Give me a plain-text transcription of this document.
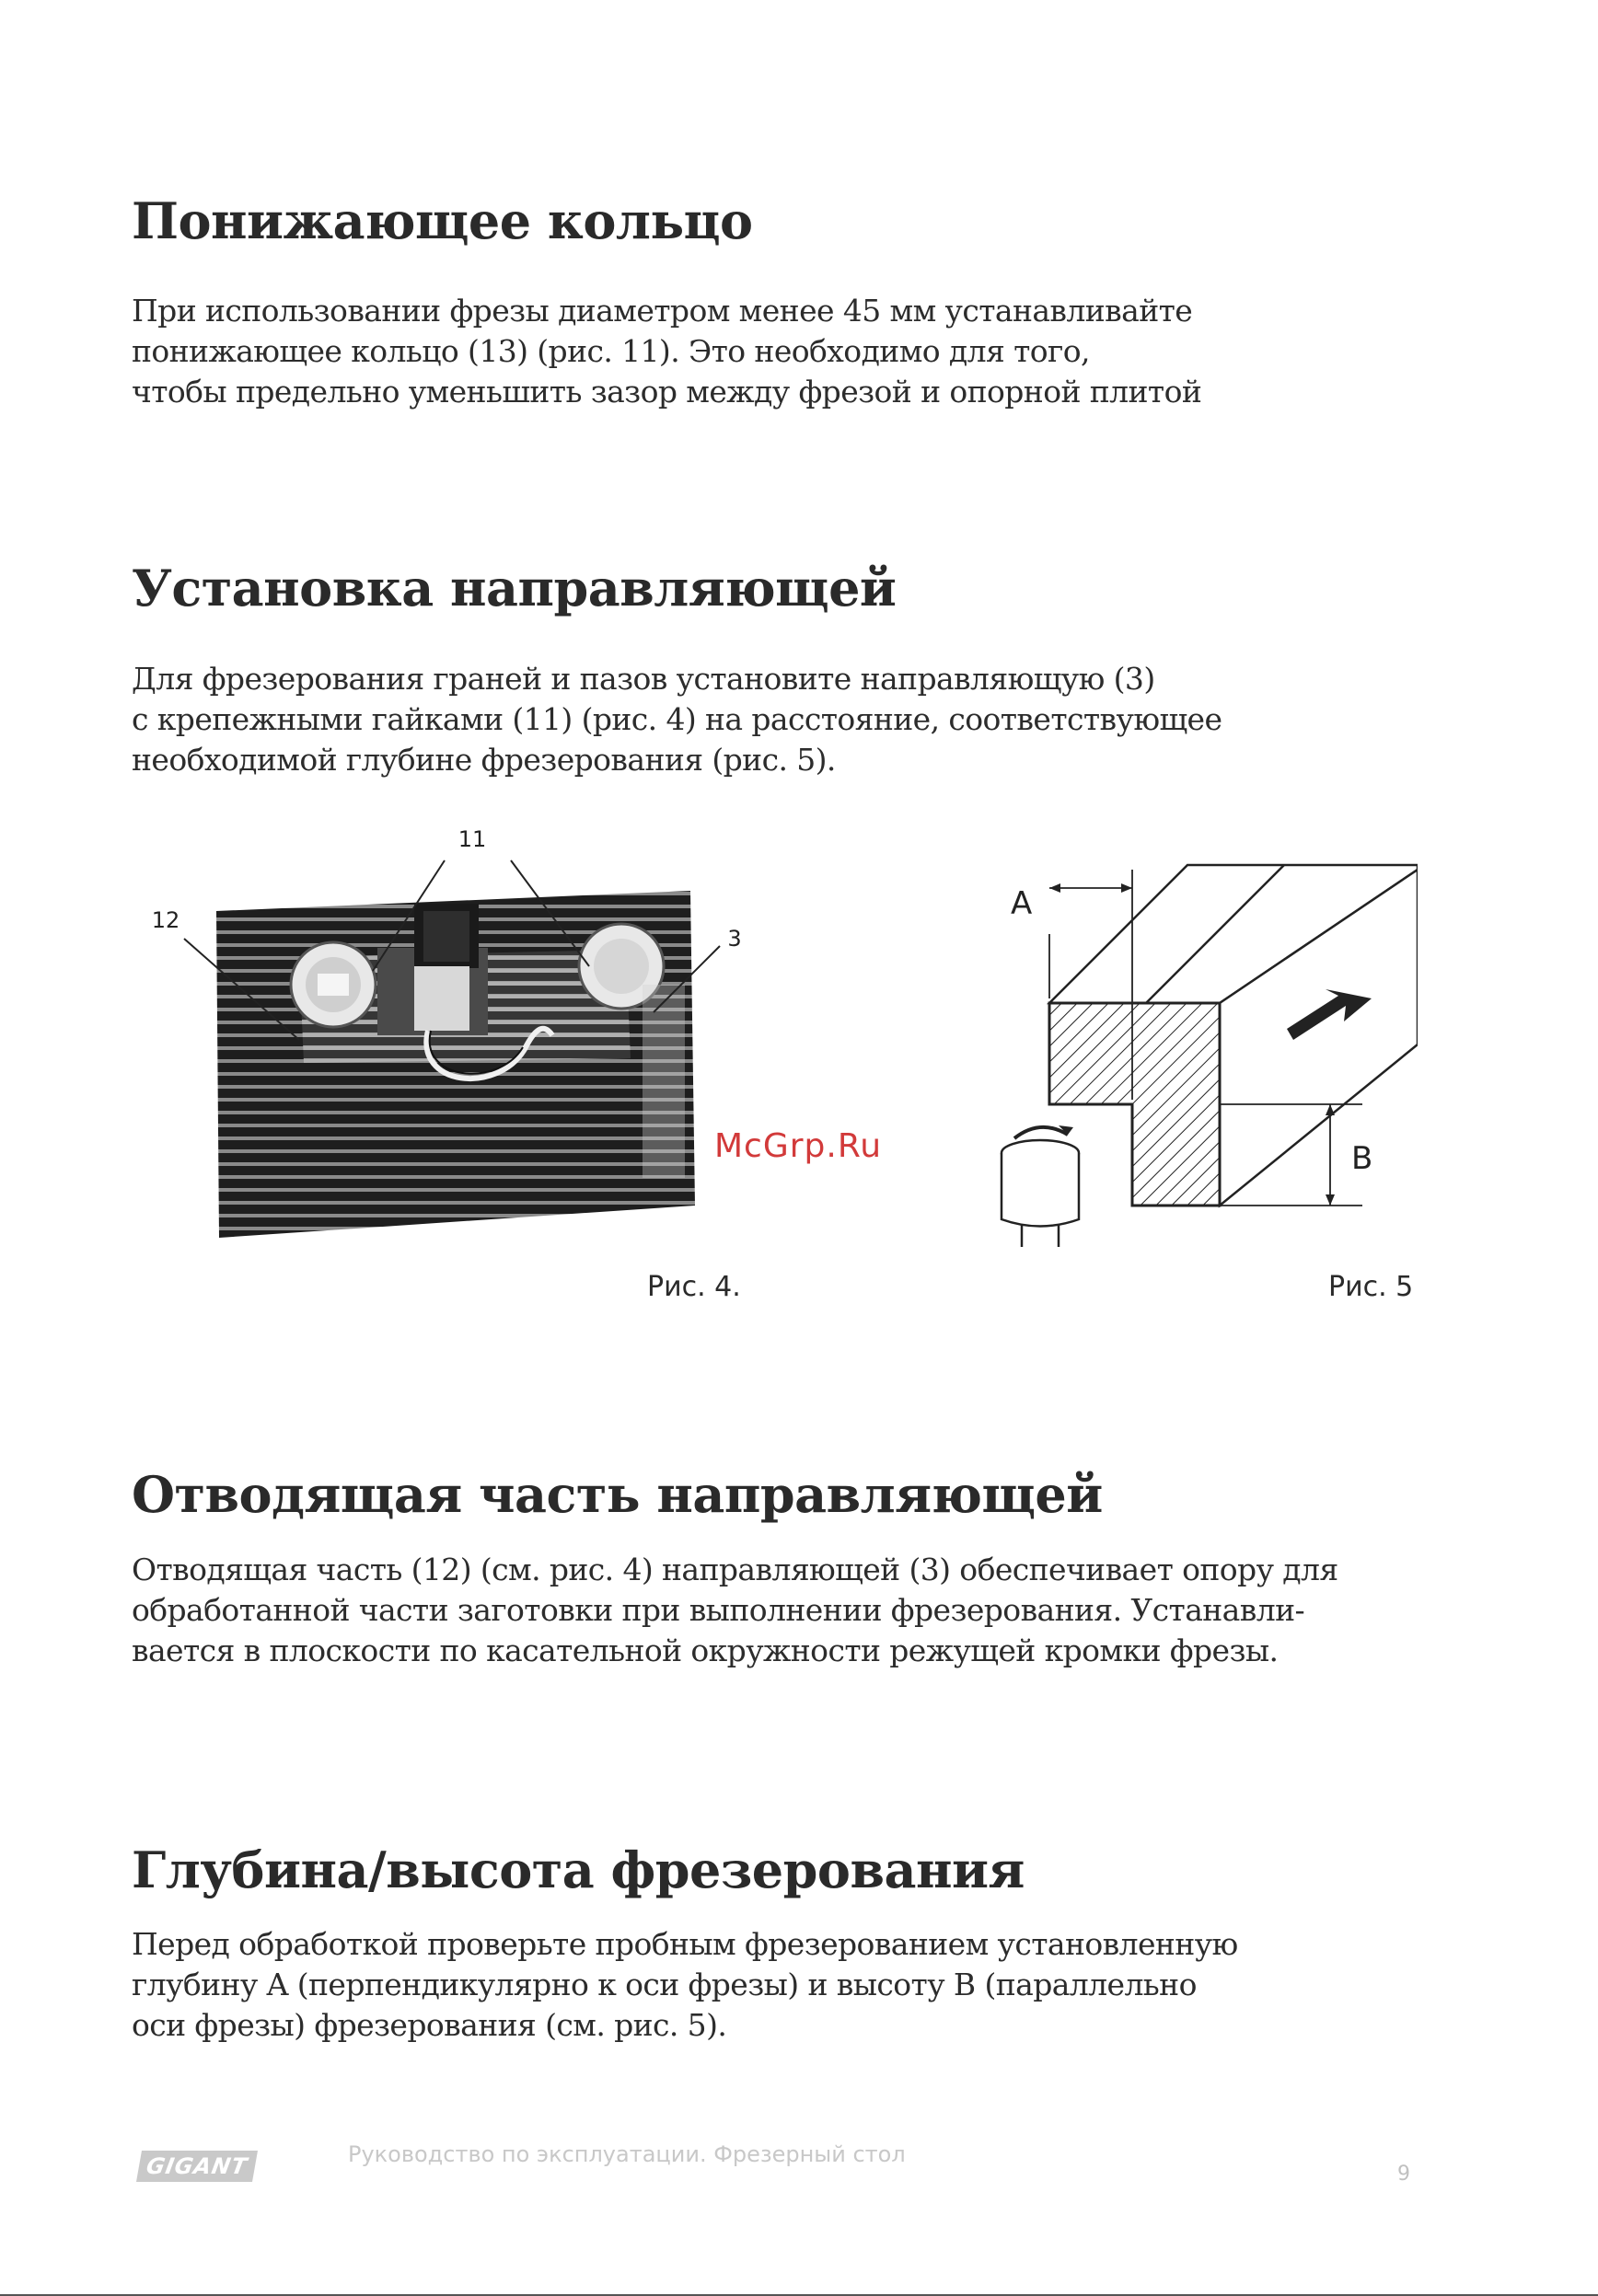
Понижающее кольцо
При использовании фрезы диаметром менее 45 мм устанавливайте
понижающее кольцо (13) (рис. 11). Это необходимо для того,
чтобы предельно уменьшить зазор между фрезой и опорной плитой
Установка направляющей
Для фрезерования граней и пазов установите направляющую (3)
с крепежными гайками (11) (рис. 4) на расстояние, соответствующее
необходимой глубине фрезерования (рис. 5).
11
12
3
A
B
McGrp.Ru
Рис. 4.	Рис. 5
Отводящая часть направляющей
Отводящая часть (12) (см. рис. 4) направляющей (3) обеспечивает опору для
обработанной части заготовки при выполнении фрезерования. Устанавли-
вается в плоскости по касательной окружности режущей кромки фрезы.
Глубина/высота фрезерования
Перед обработкой проверьте пробным фрезерованием установленную
глубину A (перпендикулярно к оси фрезы) и высоту B (параллельно
оси фрезы) фрезерования (см. рис. 5).
GIGANT	Руководство по эксплуатации. Фрезерный стол
9
